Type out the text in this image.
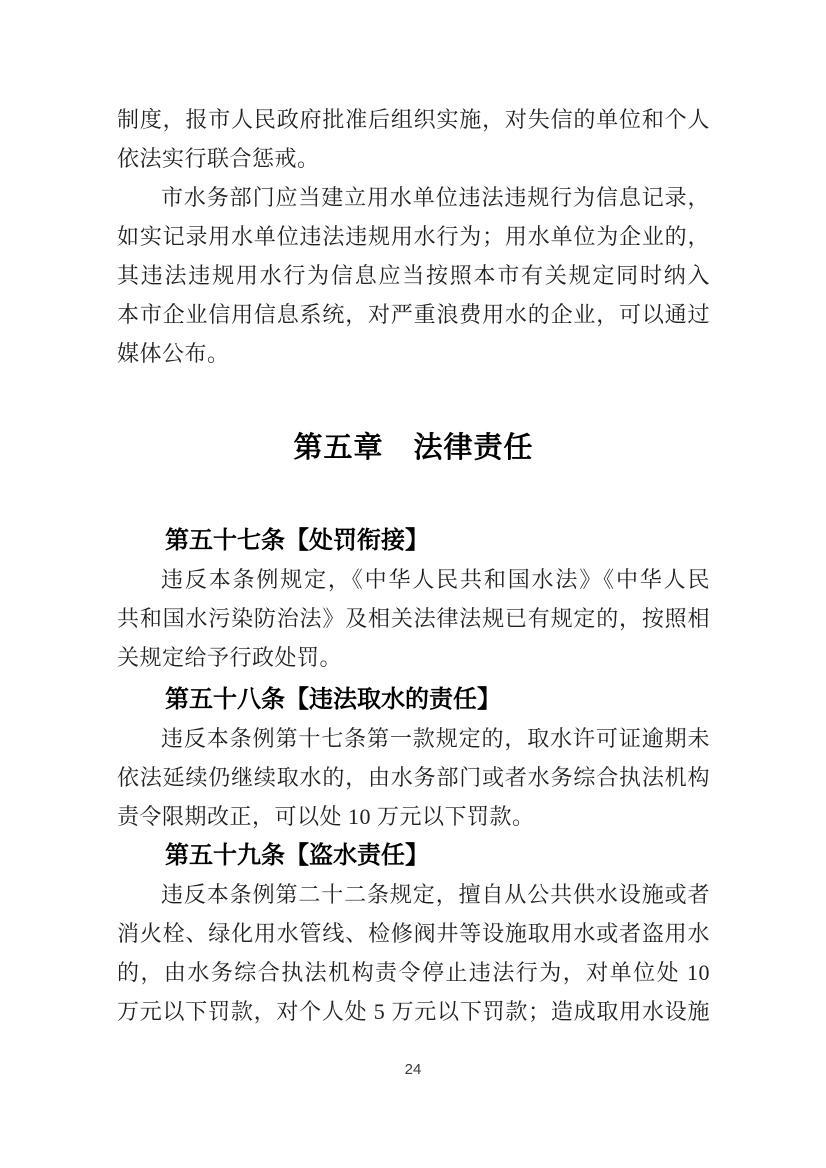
制度，报市人民政府批准后组织实施，对失信的单位和个人
依法实行联合惩戒。
市水务部门应当建立用水单位违法违规行为信息记录，
如实记录用水单位违法违规用水行为；用水单位为企业的，
其违法违规用水行为信息应当按照本市有关规定同时纳入
本市企业信用信息系统，对严重浪费用水的企业，可以通过
媒体公布。
第五章　法律责任
第五十七条【处罚衔接】
违反本条例规定，《中华人民共和国水法》《中华人民
共和国水污染防治法》及相关法律法规已有规定的，按照相
关规定给予行政处罚。
第五十八条【违法取水的责任】
违反本条例第十七条第一款规定的，取水许可证逾期未
依法延续仍继续取水的，由水务部门或者水务综合执法机构
责令限期改正，可以处 10 万元以下罚款。
第五十九条【盗水责任】
违反本条例第二十二条规定，擅自从公共供水设施或者
消火栓、绿化用水管线、检修阀井等设施取用水或者盗用水
的，由水务综合执法机构责令停止违法行为，对单位处 10
万元以下罚款，对个人处 5 万元以下罚款；造成取用水设施
24
